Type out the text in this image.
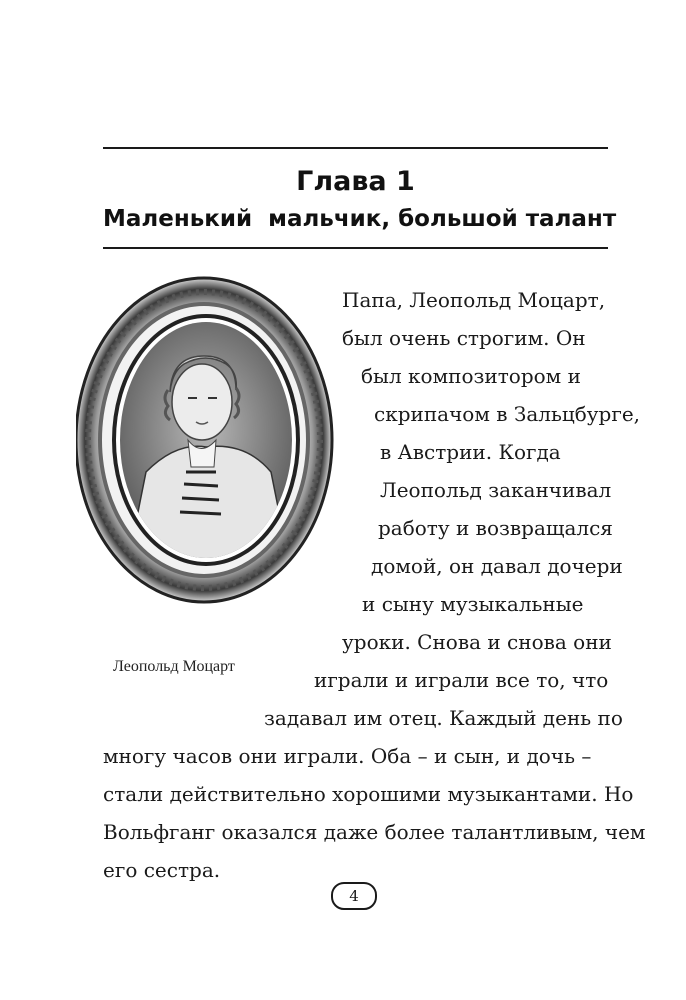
Глава 1
Маленький  мальчик, большой талант
Леопольд Моцарт
Папа, Леопольд Моцарт,
был очень строгим. Он
был композитором и
скрипачом в Зальцбурге,
в Австрии. Когда
Леопольд заканчивал
работу и возвращался
домой, он давал дочери
и сыну музыкальные
уроки. Снова и снова они
играли и играли все то, что
задавал им отец. Каждый день по
многу часов они играли. Оба – и сын, и дочь –
стали действительно хорошими музыкантами. Но
Вольфганг оказался даже более талантливым, чем
его сестра.
4
